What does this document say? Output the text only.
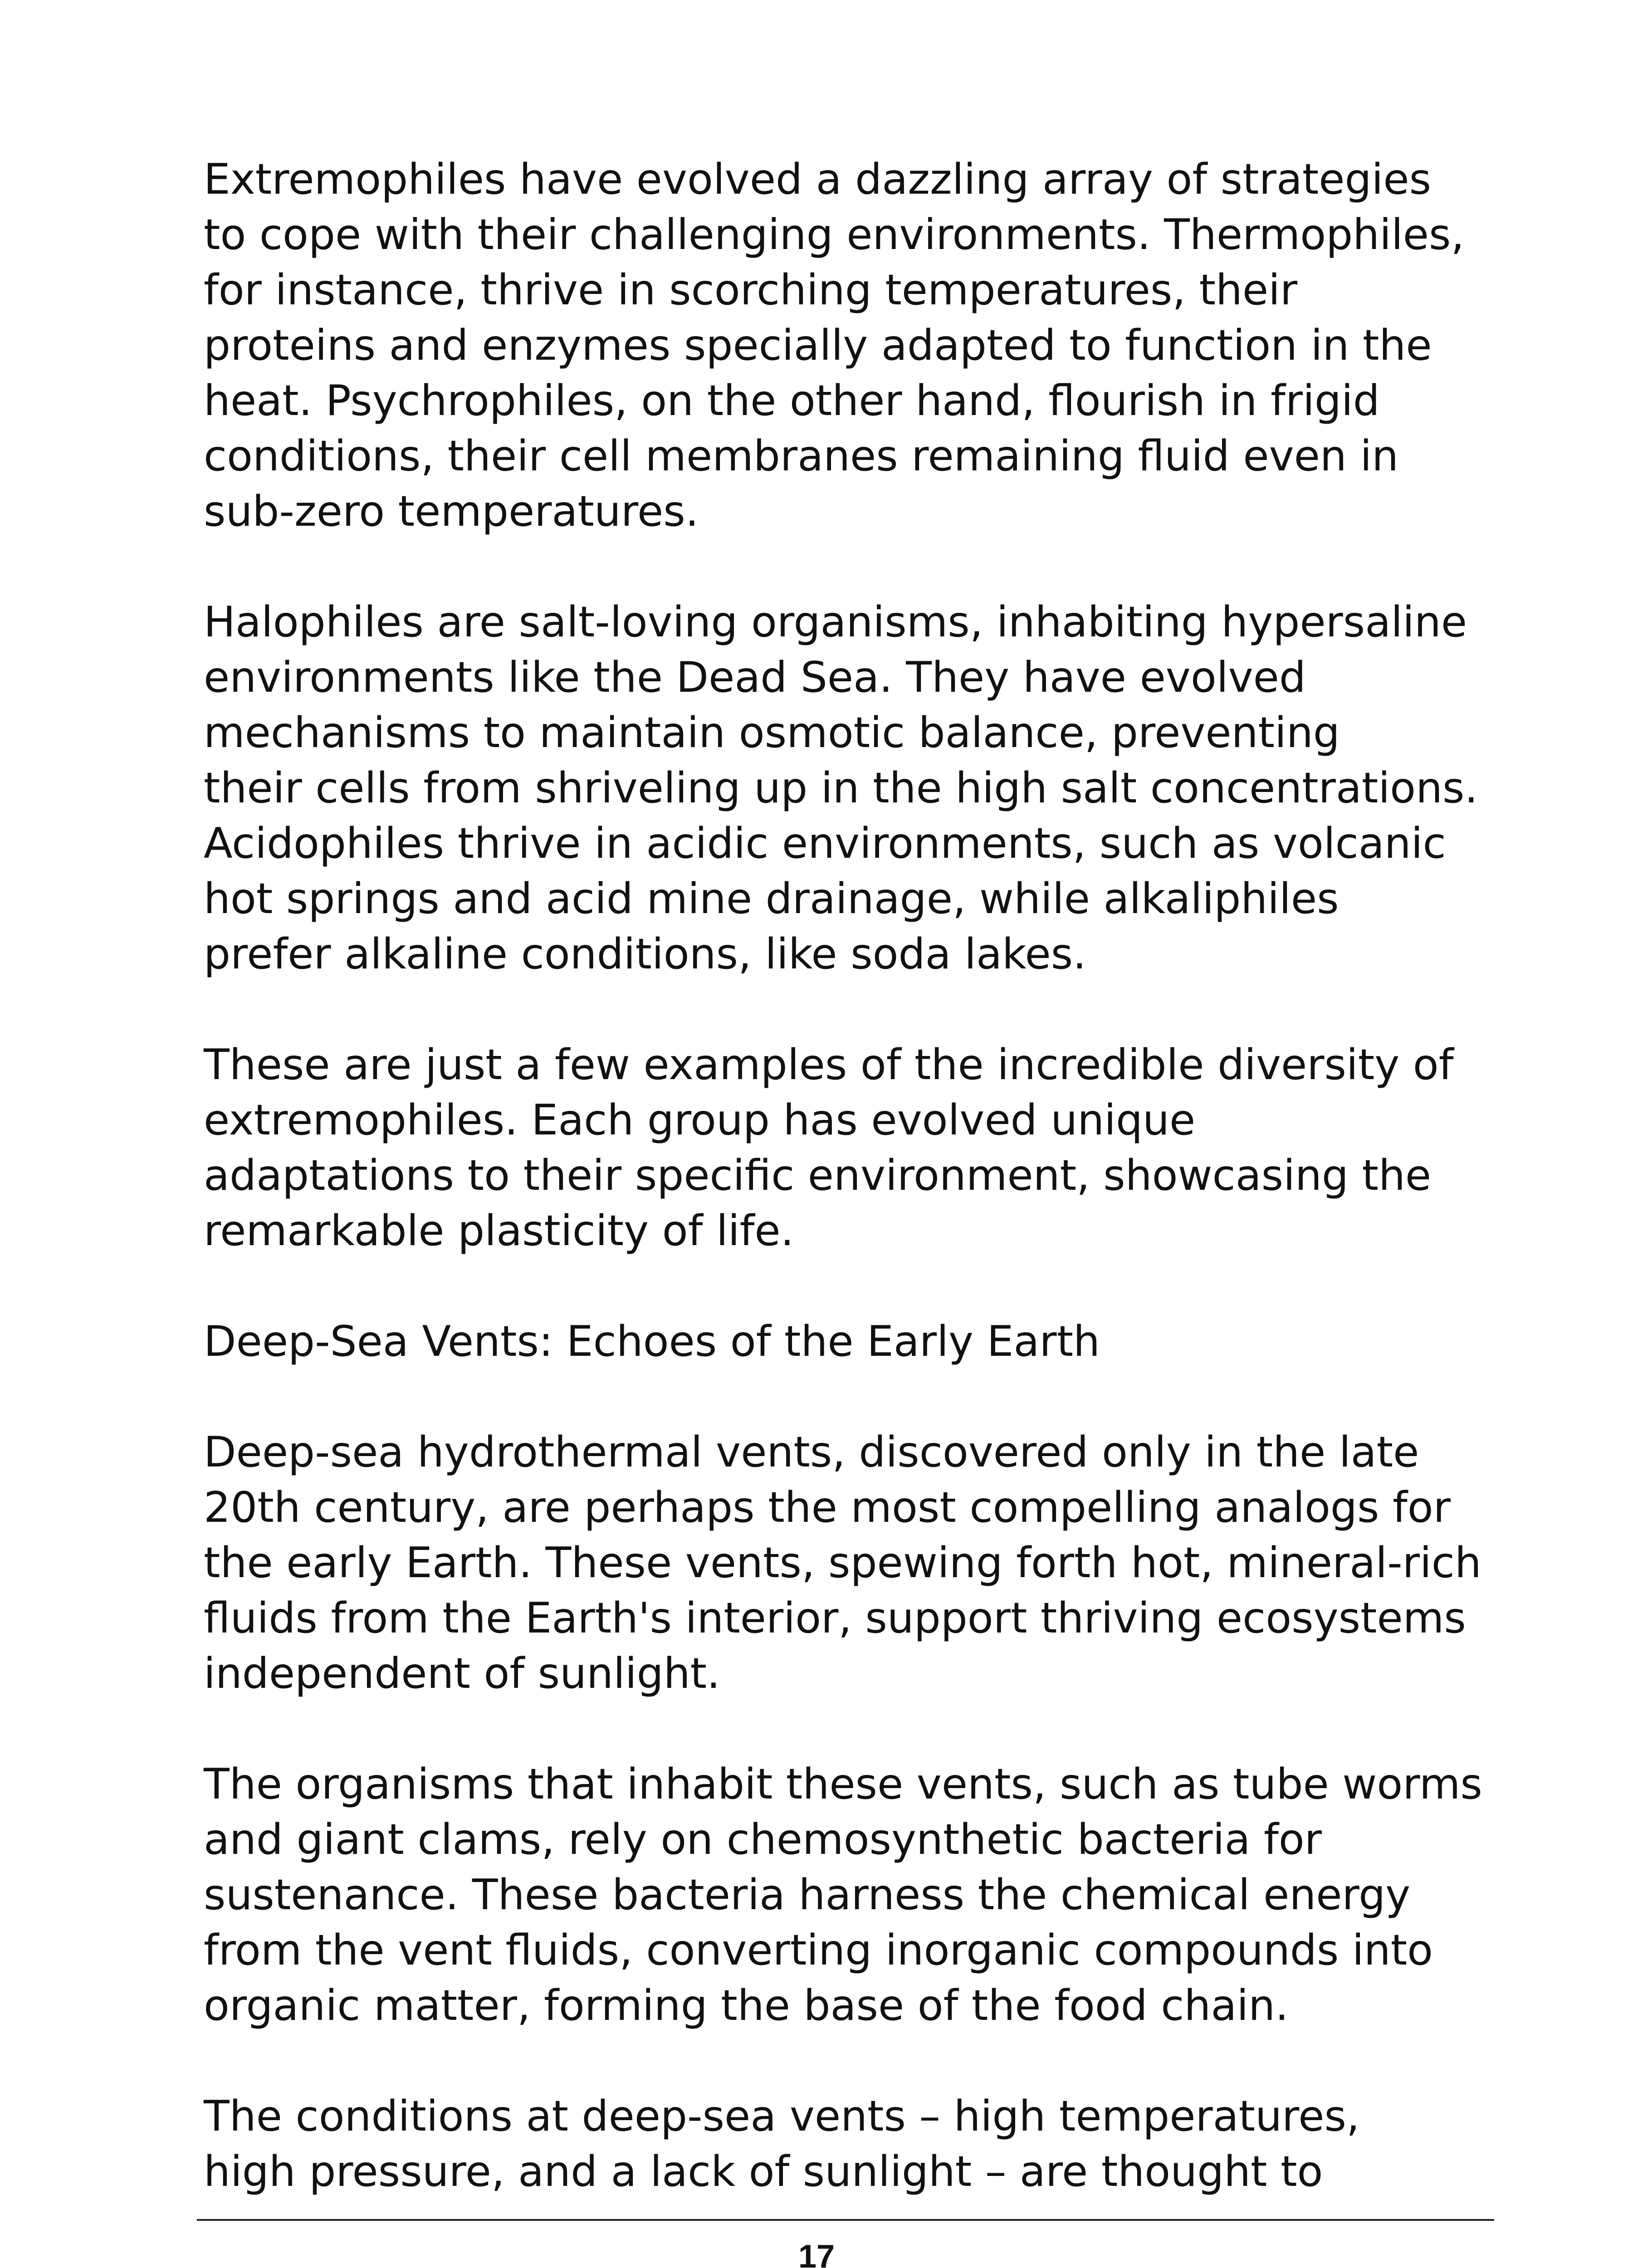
Extremophiles have evolved a dazzling array of strategies
to cope with their challenging environments. Thermophiles,
for instance, thrive in scorching temperatures, their
proteins and enzymes specially adapted to function in the
heat. Psychrophiles, on the other hand, flourish in frigid
conditions, their cell membranes remaining fluid even in
sub-zero temperatures.

Halophiles are salt-loving organisms, inhabiting hypersaline
environments like the Dead Sea. They have evolved
mechanisms to maintain osmotic balance, preventing
their cells from shriveling up in the high salt concentrations.
Acidophiles thrive in acidic environments, such as volcanic
hot springs and acid mine drainage, while alkaliphiles
prefer alkaline conditions, like soda lakes.

These are just a few examples of the incredible diversity of
extremophiles. Each group has evolved unique
adaptations to their specific environment, showcasing the
remarkable plasticity of life.

Deep-Sea Vents: Echoes of the Early Earth

Deep-sea hydrothermal vents, discovered only in the late
20th century, are perhaps the most compelling analogs for
the early Earth. These vents, spewing forth hot, mineral-rich
fluids from the Earth's interior, support thriving ecosystems
independent of sunlight.

The organisms that inhabit these vents, such as tube worms
and giant clams, rely on chemosynthetic bacteria for
sustenance. These bacteria harness the chemical energy
from the vent fluids, converting inorganic compounds into
organic matter, forming the base of the food chain.

The conditions at deep-sea vents – high temperatures,
high pressure, and a lack of sunlight – are thought to

17
